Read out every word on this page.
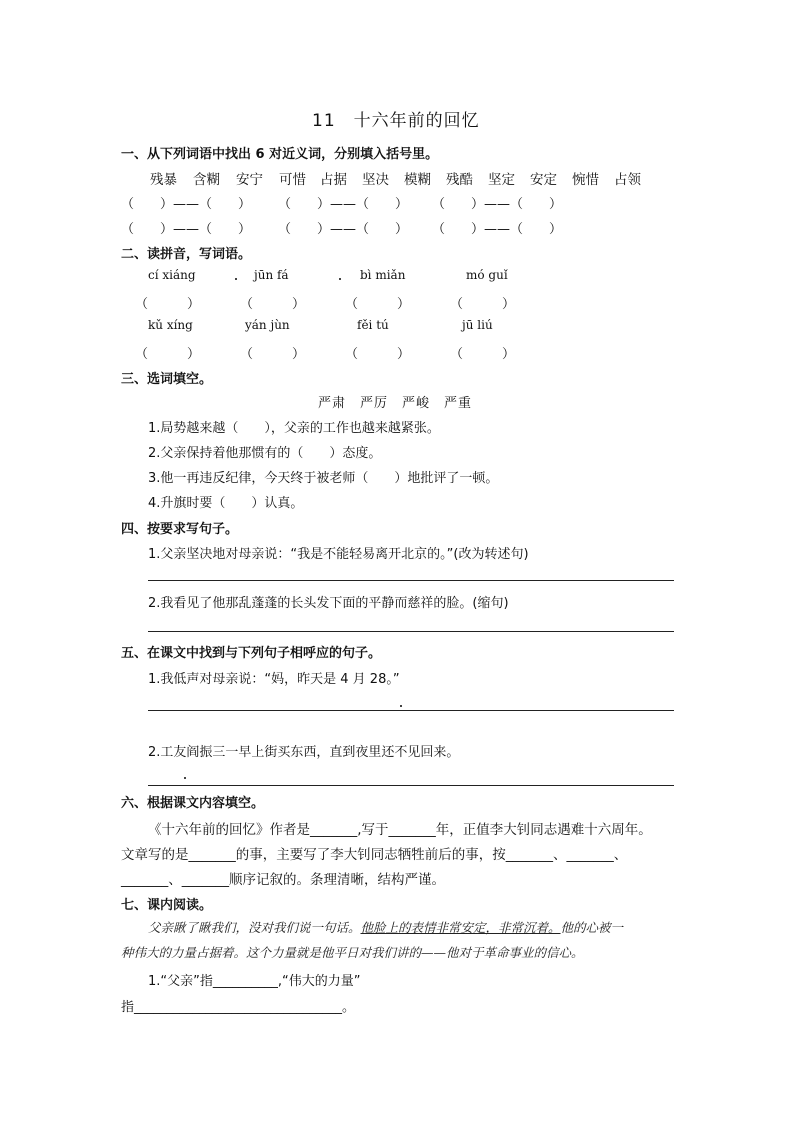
11　十六年前的回忆
一、从下列词语中找出 6 对近义词，分别填入括号里。
残暴 含糊 安宁 可惜 占据 坚决 模糊 残酷 坚定 安定 惋惜 占领
（　　）——（　　） （　　）——（　　） （　　）——（　　）
（　　）——（　　） （　　）——（　　） （　　）——（　　）
二、读拼音，写词语。
cí xiáng
（　　　）
jūn fá
（　　　）
bì miǎn
（　　　）
mó guǐ
（　　　）
kǔ xíng
（　　　）
yán jùn
（　　　）
fěi tú
（　　　）
jū liú
（　　　）
三、选词填空。
严肃　严厉　严峻　严重
1.局势越来越（　　），父亲的工作也越来越紧张。
2.父亲保持着他那惯有的（　　）态度。
3.他一再违反纪律，今天终于被老师（　　）地批评了一顿。
4.升旗时要（　　）认真。
四、按要求写句子。
1.父亲坚决地对母亲说：“我是不能轻易离开北京的。”(改为转述句)
2.我看见了他那乱蓬蓬的长头发下面的平静而慈祥的脸。(缩句)
五、在课文中找到与下列句子相呼应的句子。
1.我低声对母亲说：“妈，昨天是 4 月 28。”
2.工友阎振三一早上街买东西，直到夜里还不见回来。
六、根据课文内容填空。
《十六年前的回忆》作者是_______,写于_______年，正值李大钊同志遇难十六周年。
文章写的是_______的事，主要写了李大钊同志牺牲前后的事，按_______、_______、
_______、_______顺序记叙的。条理清晰，结构严谨。
七、课内阅读。
父亲瞅了瞅我们，没对我们说一句话。他脸上的表情非常安定，非常沉着。他的心被一
种伟大的力量占据着。这个力量就是他平日对我们讲的——他对于革命事业的信心。
1.“父亲”指__________,“伟大的力量”
指________________________________。
